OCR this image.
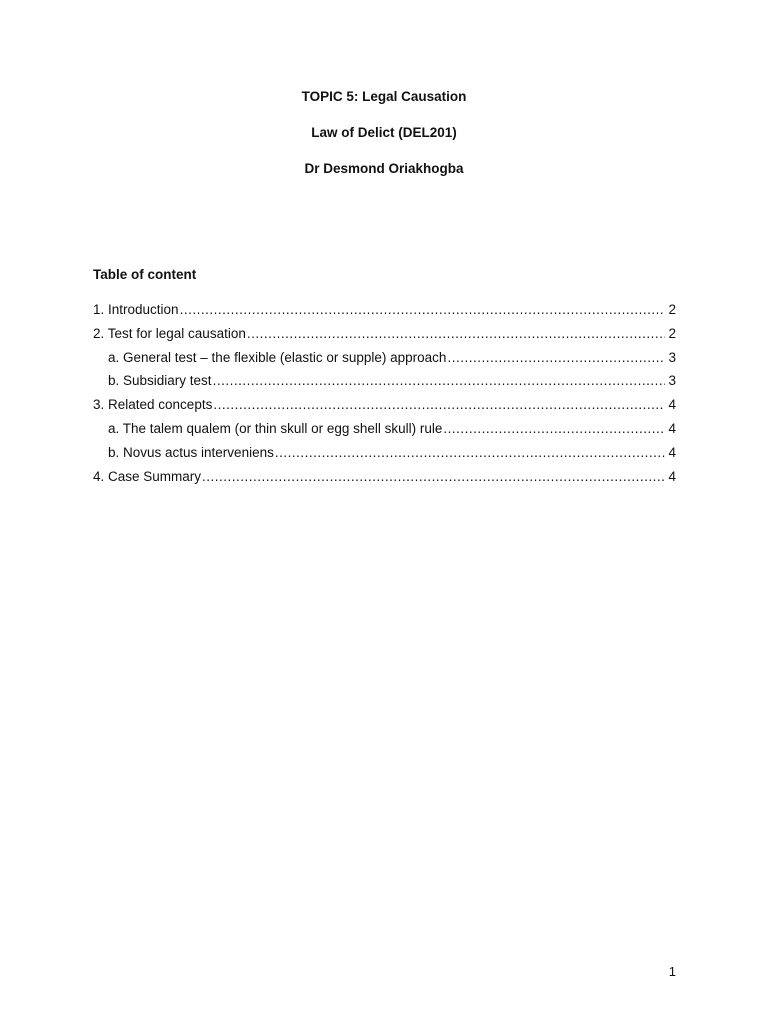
TOPIC 5: Legal Causation
Law of Delict (DEL201)
Dr Desmond Oriakhogba
Table of content
1. Introduction .....	2
2. Test for legal causation .....	2
a. General test – the flexible (elastic or supple) approach .....	3
b. Subsidiary test .....	3
3. Related concepts .....	4
a. The talem qualem (or thin skull or egg shell skull) rule .....	4
b. Novus actus interveniens .....	4
4. Case Summary .....	4
1
